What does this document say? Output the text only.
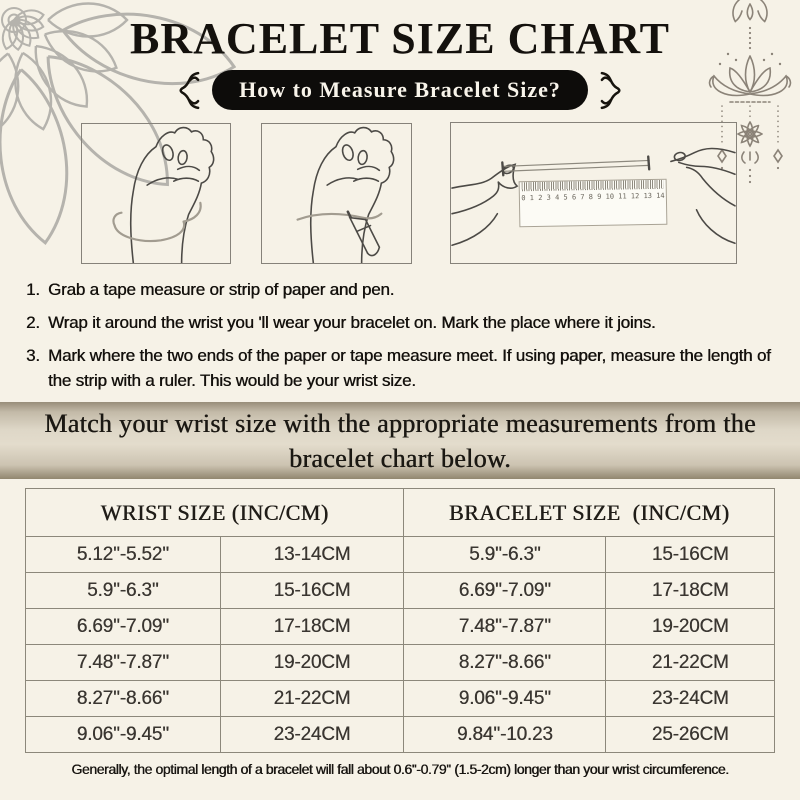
BRACELET SIZE CHART
How to Measure Bracelet Size?
0 1 2 3 4 5 6 7 8 9 10 11 12 13 14
1. Grab a tape measure or strip of paper and pen.
2. Wrap it around the wrist you 'll wear your bracelet on. Mark the place where it joins.
3. Mark where the two ends of the paper or tape measure meet. If using paper, measure the length of the strip with a ruler. This would be your wrist size.
Match your wrist size with the appropriate measurements from the bracelet chart below.
WRIST SIZE (INC/CM)		BRACELET SIZE  (INC/CM)	
5.12''-5.52''	13-14CM	5.9''-6.3''	15-16CM
5.9''-6.3''	15-16CM	6.69''-7.09''	17-18CM
6.69''-7.09''	17-18CM	7.48''-7.87''	19-20CM
7.48''-7.87''	19-20CM	8.27''-8.66''	21-22CM
8.27''-8.66''	21-22CM	9.06''-9.45''	23-24CM
9.06''-9.45''	23-24CM	9.84''-10.23	25-26CM
Generally, the optimal length of a bracelet will fall about 0.6''-0.79'' (1.5-2cm) longer than your wrist circumference.
